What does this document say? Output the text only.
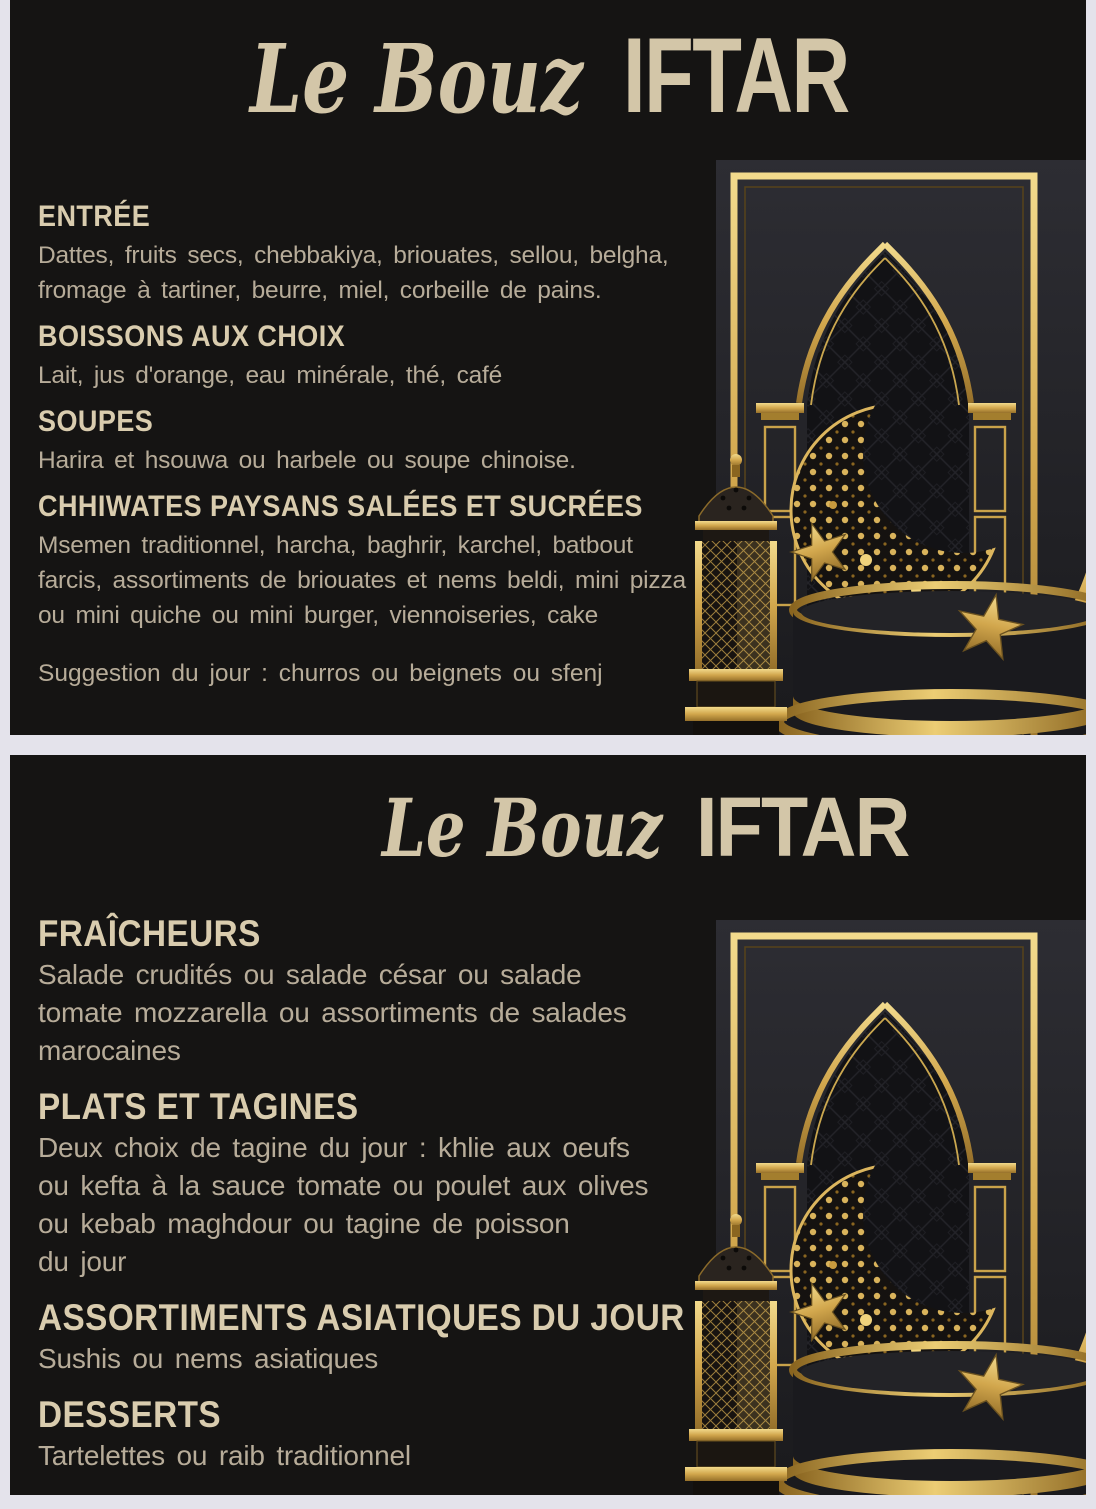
Le Bouz IFTAR
ENTRÉE

Dattes, fruits secs, chebbakiya, briouates, sellou, belgha,
fromage à tartiner, beurre, miel, corbeille de pains.

BOISSONS AUX CHOIX

Lait, jus d'orange, eau minérale, thé, café

SOUPES

Harira et hsouwa ou harbele ou soupe chinoise.

CHHIWATES PAYSANS SALÉES ET SUCRÉES

Msemen traditionnel, harcha, baghrir, karchel, batbout
farcis, assortiments de briouates et nems beldi, mini pizza
ou mini quiche ou mini burger, viennoiseries, cake

Suggestion du jour : churros ou beignets ou sfenj
Le Bouz IFTAR
FRAÎCHEURS

Salade crudités ou salade césar ou salade
tomate mozzarella ou assortiments de salades
marocaines

PLATS ET TAGINES

Deux choix de tagine du jour : khlie aux oeufs
ou kefta à la sauce tomate ou poulet aux olives
ou kebab maghdour ou tagine de poisson
du jour

ASSORTIMENTS ASIATIQUES DU JOUR

Sushis ou nems asiatiques

DESSERTS

Tartelettes ou raib traditionnel
